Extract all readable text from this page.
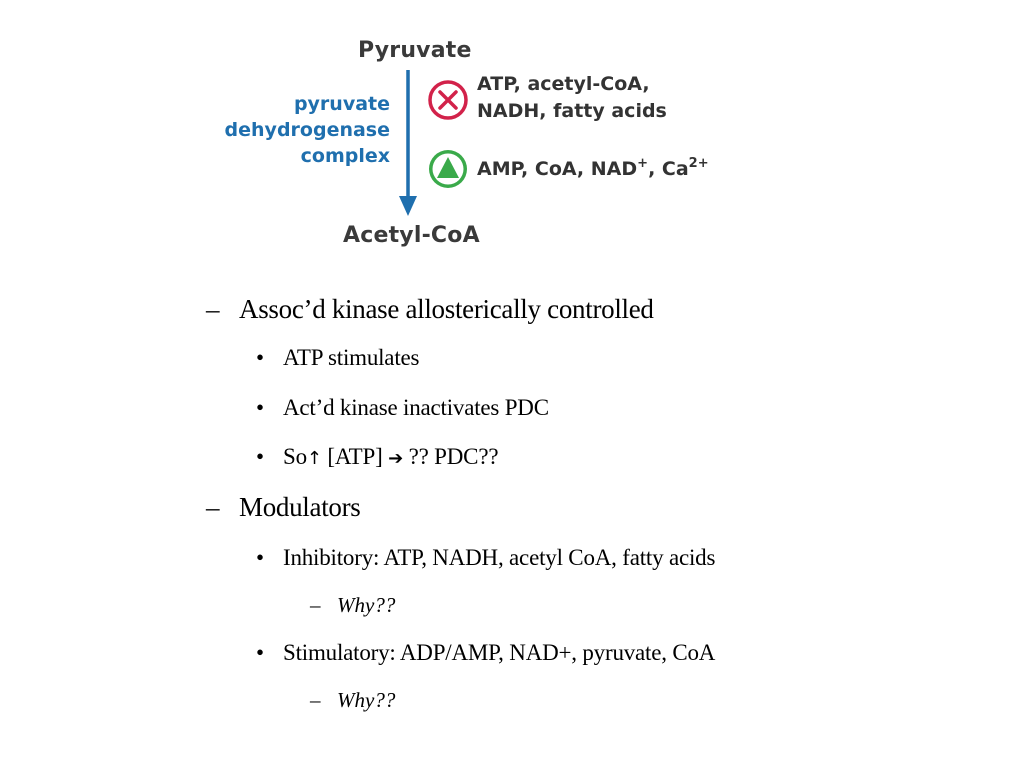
Pyruvate
pyruvate
dehydrogenase
complex
ATP, acetyl-CoA,
NADH, fatty acids
AMP, CoA, NAD+, $Ca^{2+}$
Acetyl-CoA
– Assoc’d kinase allosterically controlled
• ATP stimulates
• Act’d kinase inactivates PDC
• So↑ [ATP] ➔ ?? PDC??
– Modulators
• Inhibitory: ATP, NADH, acetyl CoA, fatty acids
– Why??
• Stimulatory: ADP/AMP, NAD+, pyruvate, CoA
– Why??
